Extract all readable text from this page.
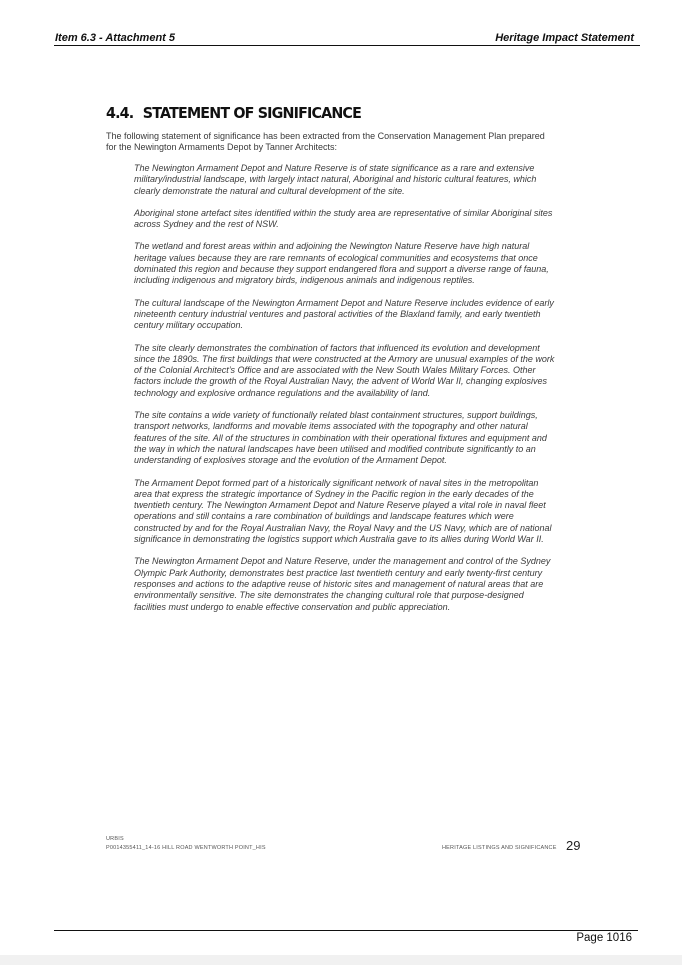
Item 6.3 - Attachment 5	Heritage Impact Statement
4.4. STATEMENT OF SIGNIFICANCE

The following statement of significance has been extracted from the Conservation Management Plan prepared for the Newington Armaments Depot by Tanner Architects:

The Newington Armament Depot and Nature Reserve is of state significance as a rare and extensive military/industrial landscape, with largely intact natural, Aboriginal and historic cultural features, which clearly demonstrate the natural and cultural development of the site.

Aboriginal stone artefact sites identified within the study area are representative of similar Aboriginal sites across Sydney and the rest of NSW.

The wetland and forest areas within and adjoining the Newington Nature Reserve have high natural heritage values because they are rare remnants of ecological communities and ecosystems that once dominated this region and because they support endangered flora and support a diverse range of fauna, including indigenous and migratory birds, indigenous animals and indigenous reptiles.

The cultural landscape of the Newington Armament Depot and Nature Reserve includes evidence of early nineteenth century industrial ventures and pastoral activities of the Blaxland family, and early twentieth century military occupation.

The site clearly demonstrates the combination of factors that influenced its evolution and development since the 1890s. The first buildings that were constructed at the Armory are unusual examples of the work of the Colonial Architect’s Office and are associated with the New South Wales Military Forces. Other factors include the growth of the Royal Australian Navy, the advent of World War II, changing explosives technology and explosive ordnance regulations and the availability of land.

The site contains a wide variety of functionally related blast containment structures, support buildings, transport networks, landforms and movable items associated with the topography and other natural features of the site. All of the structures in combination with their operational fixtures and equipment and the way in which the natural landscapes have been utilised and modified contribute significantly to an understanding of explosives storage and the evolution of the Armament Depot.

The Armament Depot formed part of a historically significant network of naval sites in the metropolitan area that express the strategic importance of Sydney in the Pacific region in the early decades of the twentieth century. The Newington Armament Depot and Nature Reserve played a vital role in naval fleet operations and still contains a rare combination of buildings and landscape features which were constructed by and for the Royal Australian Navy, the Royal Navy and the US Navy, which are of national significance in demonstrating the logistics support which Australia gave to its allies during World War II.

The Newington Armament Depot and Nature Reserve, under the management and control of the Sydney Olympic Park Authority, demonstrates best practice last twentieth century and early twenty-first century responses and actions to the adaptive reuse of historic sites and management of natural areas that are environmentally sensitive. The site demonstrates the changing cultural role that purpose-designed facilities must undergo to enable effective conservation and public appreciation.

URBIS
P0014355411_14-16 HILL ROAD WENTWORTH POINT_HIS	HERITAGE LISTINGS AND SIGNIFICANCE 29
Page 1016
